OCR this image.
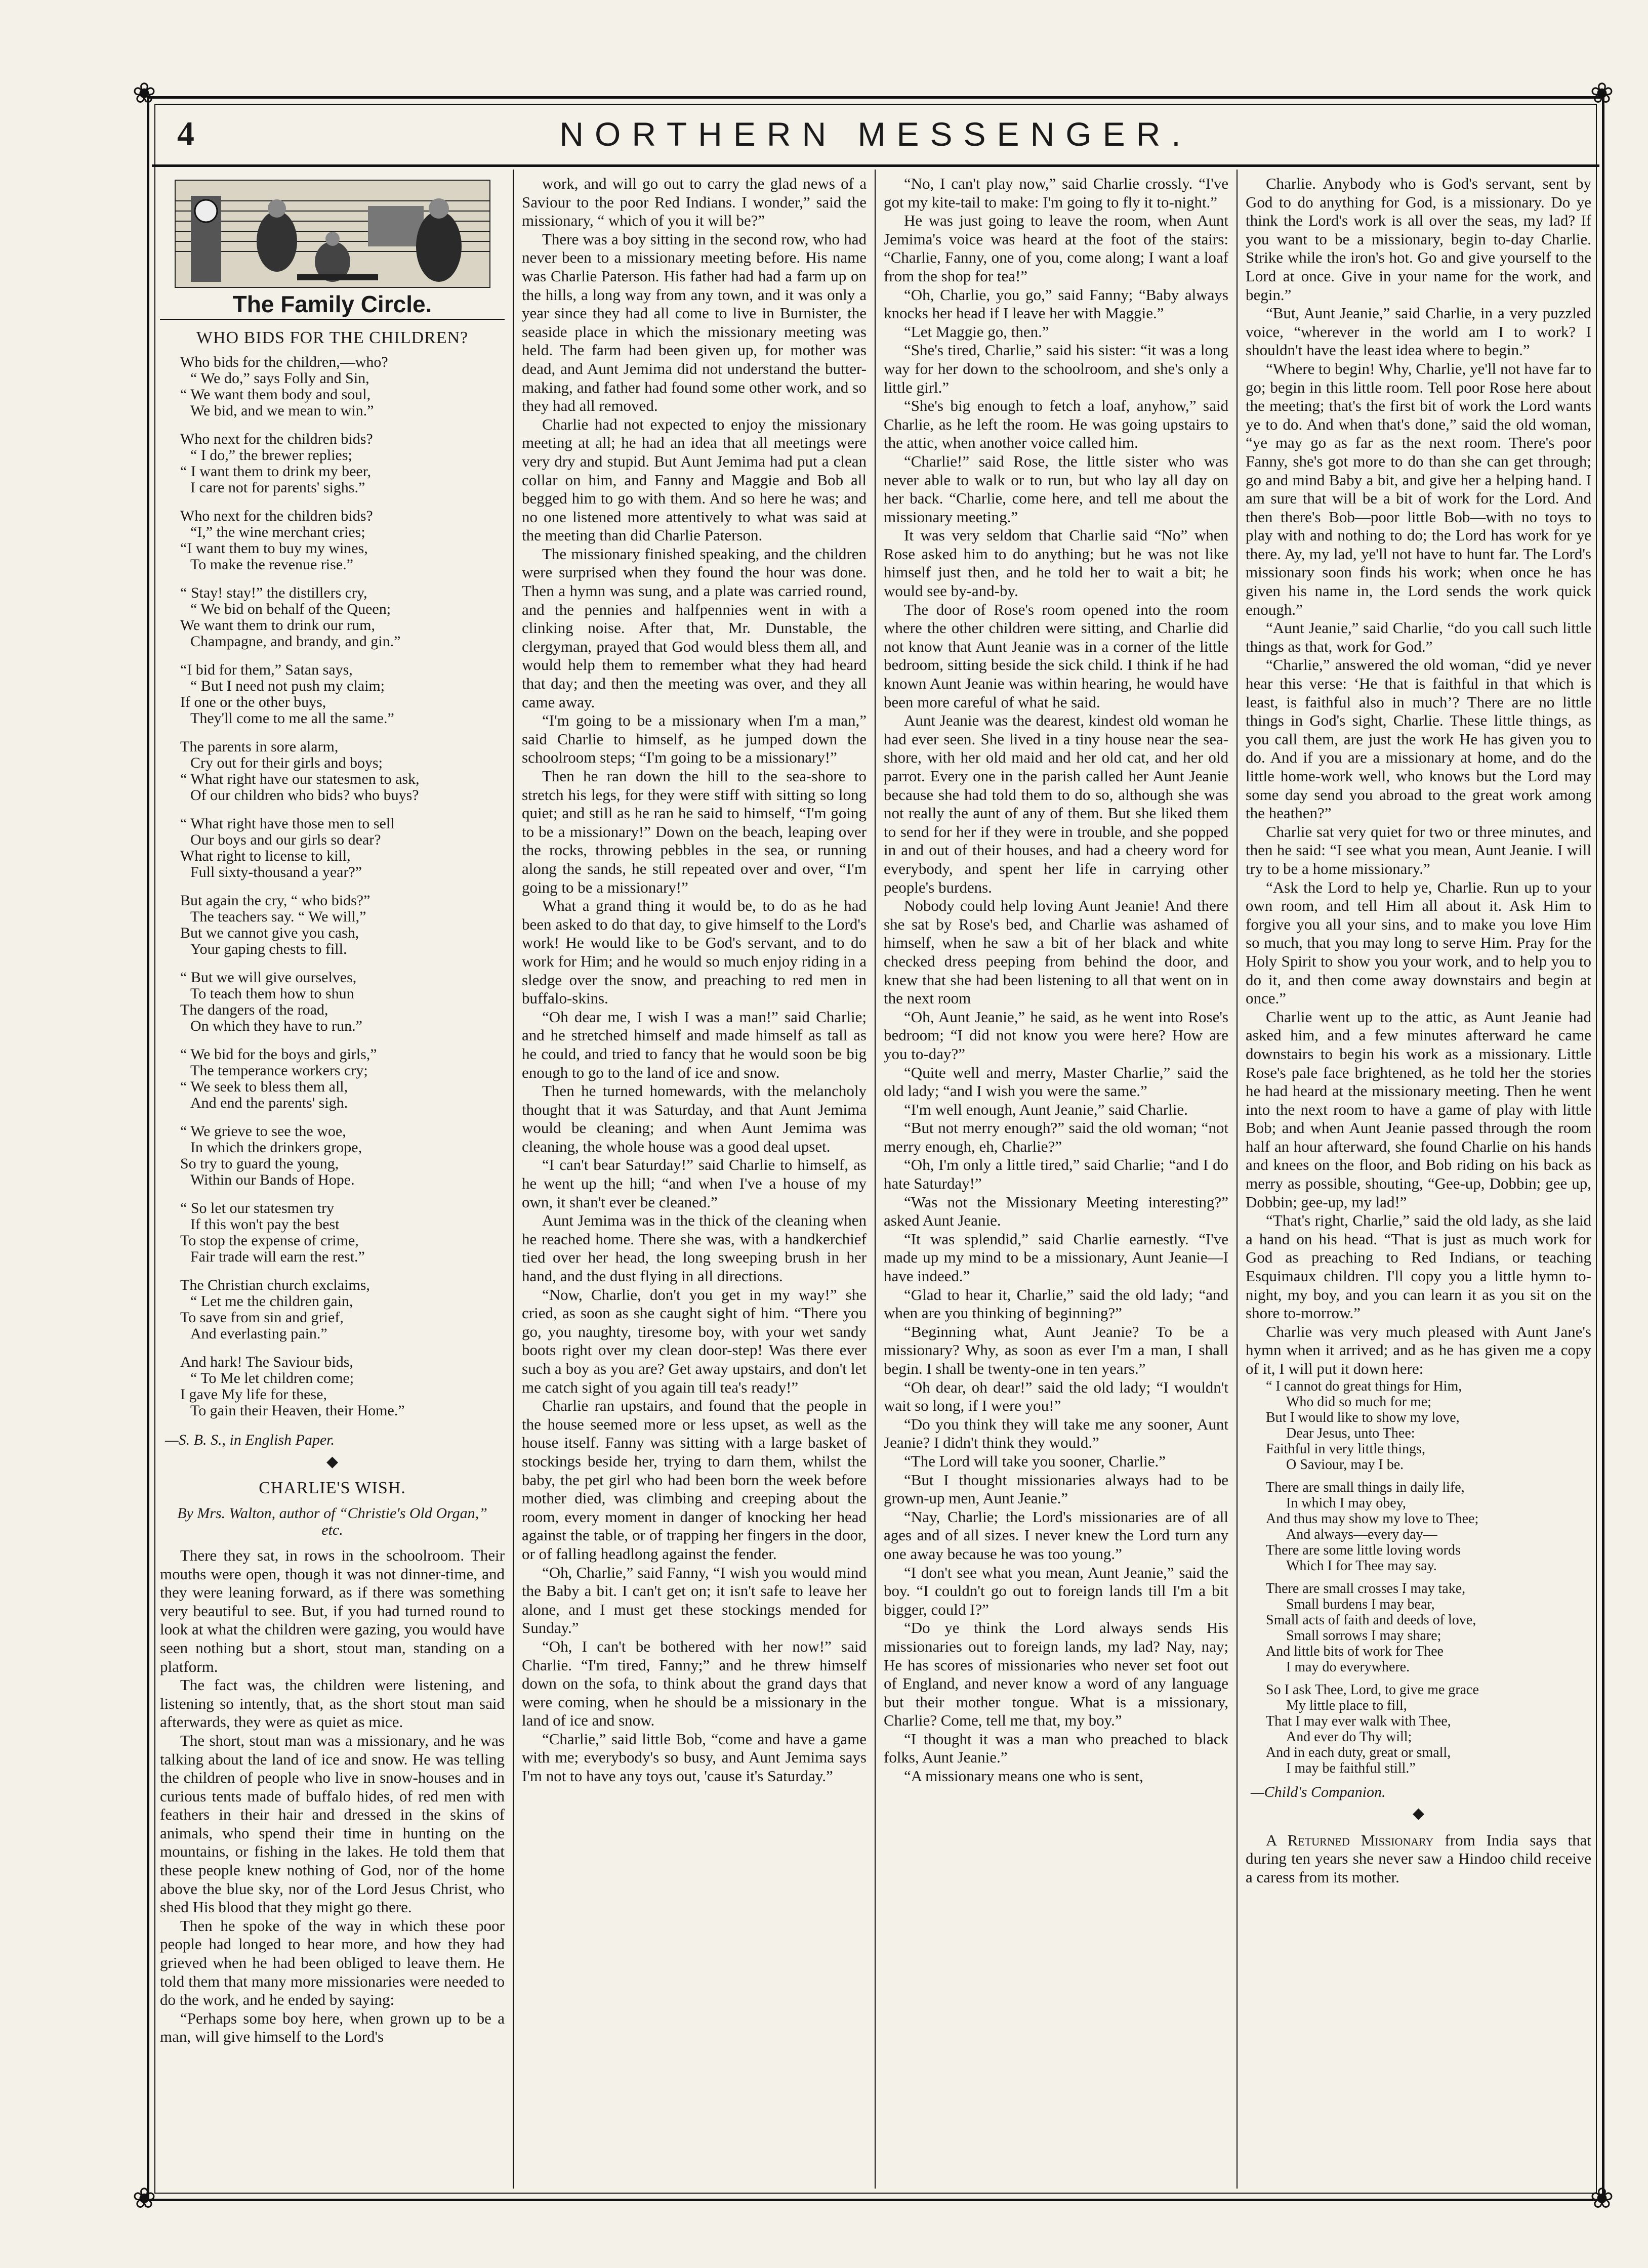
❀	❀
❀	❀
4	NORTHERN MESSENGER.
The Family Circle.
WHO BIDS FOR THE CHILDREN?
Who bids for the children,—who?
“ We do,” says Folly and Sin,
“ We want them body and soul,
We bid, and we mean to win.”
Who next for the children bids?
“ I do,” the brewer replies;
“ I want them to drink my beer,
I care not for parents' sighs.”
Who next for the children bids?
“I,” the wine merchant cries;
“I want them to buy my wines,
To make the revenue rise.”
“ Stay! stay!” the distillers cry,
“ We bid on behalf of the Queen;
We want them to drink our rum,
Champagne, and brandy, and gin.”
“I bid for them,” Satan says,
“ But I need not push my claim;
If one or the other buys,
They'll come to me all the same.”
The parents in sore alarm,
Cry out for their girls and boys;
“ What right have our statesmen to ask,
Of our children who bids? who buys?
“ What right have those men to sell
Our boys and our girls so dear?
What right to license to kill,
Full sixty-thousand a year?”
But again the cry, “ who bids?”
The teachers say. “ We will,”
But we cannot give you cash,
Your gaping chests to fill.
“ But we will give ourselves,
To teach them how to shun
The dangers of the road,
On which they have to run.”
“ We bid for the boys and girls,”
The temperance workers cry;
“ We seek to bless them all,
And end the parents' sigh.
“ We grieve to see the woe,
In which the drinkers grope,
So try to guard the young,
Within our Bands of Hope.
“ So let our statesmen try
If this won't pay the best
To stop the expense of crime,
Fair trade will earn the rest.”
The Christian church exclaims,
“ Let me the children gain,
To save from sin and grief,
And everlasting pain.”
And hark! The Saviour bids,
“ To Me let children come;
I gave My life for these,
To gain their Heaven, their Home.”
—S. B. S., in English Paper.
◆
CHARLIE'S WISH.
By Mrs. Walton, author of “Christie's Old Organ,” etc.

There they sat, in rows in the schoolroom. Their mouths were open, though it was not dinner-time, and they were leaning forward, as if there was something very beautiful to see. But, if you had turned round to look at what the children were gazing, you would have seen nothing but a short, stout man, standing on a platform.

The fact was, the children were listening, and listening so intently, that, as the short stout man said afterwards, they were as quiet as mice.

The short, stout man was a missionary, and he was talking about the land of ice and snow. He was telling the children of people who live in snow-houses and in curious tents made of buffalo hides, of red men with feathers in their hair and dressed in the skins of animals, who spend their time in hunting on the mountains, or fishing in the lakes. He told them that these people knew nothing of God, nor of the home above the blue sky, nor of the Lord Jesus Christ, who shed His blood that they might go there.

Then he spoke of the way in which these poor people had longed to hear more, and how they had grieved when he had been obliged to leave them. He told them that many more missionaries were needed to do the work, and he ended by saying:

“Perhaps some boy here, when grown up to be a man, will give himself to the Lord's

work, and will go out to carry the glad news of a Saviour to the poor Red Indians. I wonder,” said the missionary, “ which of you it will be?”

There was a boy sitting in the second row, who had never been to a missionary meeting before. His name was Charlie Paterson. His father had had a farm up on the hills, a long way from any town, and it was only a year since they had all come to live in Burnister, the seaside place in which the missionary meeting was held. The farm had been given up, for mother was dead, and Aunt Jemima did not understand the butter-making, and father had found some other work, and so they had all removed.

Charlie had not expected to enjoy the missionary meeting at all; he had an idea that all meetings were very dry and stupid. But Aunt Jemima had put a clean collar on him, and Fanny and Maggie and Bob all begged him to go with them. And so here he was; and no one listened more attentively to what was said at the meeting than did Charlie Paterson.

The missionary finished speaking, and the children were surprised when they found the hour was done. Then a hymn was sung, and a plate was carried round, and the pennies and halfpennies went in with a clinking noise. After that, Mr. Dunstable, the clergyman, prayed that God would bless them all, and would help them to remember what they had heard that day; and then the meeting was over, and they all came away.

“I'm going to be a missionary when I'm a man,” said Charlie to himself, as he jumped down the schoolroom steps; “I'm going to be a missionary!”

Then he ran down the hill to the sea-shore to stretch his legs, for they were stiff with sitting so long quiet; and still as he ran he said to himself, “I'm going to be a missionary!” Down on the beach, leaping over the rocks, throwing pebbles in the sea, or running along the sands, he still repeated over and over, “I'm going to be a missionary!”

What a grand thing it would be, to do as he had been asked to do that day, to give himself to the Lord's work! He would like to be God's servant, and to do work for Him; and he would so much enjoy riding in a sledge over the snow, and preaching to red men in buffalo-skins.

“Oh dear me, I wish I was a man!” said Charlie; and he stretched himself and made himself as tall as he could, and tried to fancy that he would soon be big enough to go to the land of ice and snow.

Then he turned homewards, with the melancholy thought that it was Saturday, and that Aunt Jemima would be cleaning; and when Aunt Jemima was cleaning, the whole house was a good deal upset.

“I can't bear Saturday!” said Charlie to himself, as he went up the hill; “and when I've a house of my own, it shan't ever be cleaned.”

Aunt Jemima was in the thick of the cleaning when he reached home. There she was, with a handkerchief tied over her head, the long sweeping brush in her hand, and the dust flying in all directions.

“Now, Charlie, don't you get in my way!” she cried, as soon as she caught sight of him. “There you go, you naughty, tiresome boy, with your wet sandy boots right over my clean door-step! Was there ever such a boy as you are? Get away upstairs, and don't let me catch sight of you again till tea's ready!”

Charlie ran upstairs, and found that the people in the house seemed more or less upset, as well as the house itself. Fanny was sitting with a large basket of stockings beside her, trying to darn them, whilst the baby, the pet girl who had been born the week before mother died, was climbing and creeping about the room, every moment in danger of knocking her head against the table, or of trapping her fingers in the door, or of falling headlong against the fender.

“Oh, Charlie,” said Fanny, “I wish you would mind the Baby a bit. I can't get on; it isn't safe to leave her alone, and I must get these stockings mended for Sunday.”

“Oh, I can't be bothered with her now!” said Charlie. “I'm tired, Fanny;” and he threw himself down on the sofa, to think about the grand days that were coming, when he should be a missionary in the land of ice and snow.

“Charlie,” said little Bob, “come and have a game with me; everybody's so busy, and Aunt Jemima says I'm not to have any toys out, 'cause it's Saturday.”

“No, I can't play now,” said Charlie crossly. “I've got my kite-tail to make: I'm going to fly it to-night.”

He was just going to leave the room, when Aunt Jemima's voice was heard at the foot of the stairs: “Charlie, Fanny, one of you, come along; I want a loaf from the shop for tea!”

“Oh, Charlie, you go,” said Fanny; “Baby always knocks her head if I leave her with Maggie.”

“Let Maggie go, then.”

“She's tired, Charlie,” said his sister: “it was a long way for her down to the schoolroom, and she's only a little girl.”

“She's big enough to fetch a loaf, anyhow,” said Charlie, as he left the room. He was going upstairs to the attic, when another voice called him.

“Charlie!” said Rose, the little sister who was never able to walk or to run, but who lay all day on her back. “Charlie, come here, and tell me about the missionary meeting.”

It was very seldom that Charlie said “No” when Rose asked him to do anything; but he was not like himself just then, and he told her to wait a bit; he would see by-and-by.

The door of Rose's room opened into the room where the other children were sitting, and Charlie did not know that Aunt Jeanie was in a corner of the little bedroom, sitting beside the sick child. I think if he had known Aunt Jeanie was within hearing, he would have been more careful of what he said.

Aunt Jeanie was the dearest, kindest old woman he had ever seen. She lived in a tiny house near the sea-shore, with her old maid and her old cat, and her old parrot. Every one in the parish called her Aunt Jeanie because she had told them to do so, although she was not really the aunt of any of them. But she liked them to send for her if they were in trouble, and she popped in and out of their houses, and had a cheery word for everybody, and spent her life in carrying other people's burdens.

Nobody could help loving Aunt Jeanie! And there she sat by Rose's bed, and Charlie was ashamed of himself, when he saw a bit of her black and white checked dress peeping from behind the door, and knew that she had been listening to all that went on in the next room

“Oh, Aunt Jeanie,” he said, as he went into Rose's bedroom; “I did not know you were here? How are you to-day?”

“Quite well and merry, Master Charlie,” said the old lady; “and I wish you were the same.”

“I'm well enough, Aunt Jeanie,” said Charlie.

“But not merry enough?” said the old woman; “not merry enough, eh, Charlie?”

“Oh, I'm only a little tired,” said Charlie; “and I do hate Saturday!”

“Was not the Missionary Meeting interesting?” asked Aunt Jeanie.

“It was splendid,” said Charlie earnestly. “I've made up my mind to be a missionary, Aunt Jeanie—I have indeed.”

“Glad to hear it, Charlie,” said the old lady; “and when are you thinking of beginning?”

“Beginning what, Aunt Jeanie? To be a missionary? Why, as soon as ever I'm a man, I shall begin. I shall be twenty-one in ten years.”

“Oh dear, oh dear!” said the old lady; “I wouldn't wait so long, if I were you!”

“Do you think they will take me any sooner, Aunt Jeanie? I didn't think they would.”

“The Lord will take you sooner, Charlie.”

“But I thought missionaries always had to be grown-up men, Aunt Jeanie.”

“Nay, Charlie; the Lord's missionaries are of all ages and of all sizes. I never knew the Lord turn any one away because he was too young.”

“I don't see what you mean, Aunt Jeanie,” said the boy. “I couldn't go out to foreign lands till I'm a bit bigger, could I?”

“Do ye think the Lord always sends His missionaries out to foreign lands, my lad? Nay, nay; He has scores of missionaries who never set foot out of England, and never know a word of any language but their mother tongue. What is a missionary, Charlie? Come, tell me that, my boy.”

“I thought it was a man who preached to black folks, Aunt Jeanie.”

“A missionary means one who is sent,

Charlie. Anybody who is God's servant, sent by God to do anything for God, is a missionary. Do ye think the Lord's work is all over the seas, my lad? If you want to be a missionary, begin to-day Charlie. Strike while the iron's hot. Go and give yourself to the Lord at once. Give in your name for the work, and begin.”

“But, Aunt Jeanie,” said Charlie, in a very puzzled voice, “wherever in the world am I to work? I shouldn't have the least idea where to begin.”

“Where to begin! Why, Charlie, ye'll not have far to go; begin in this little room. Tell poor Rose here about the meeting; that's the first bit of work the Lord wants ye to do. And when that's done,” said the old woman, “ye may go as far as the next room. There's poor Fanny, she's got more to do than she can get through; go and mind Baby a bit, and give her a helping hand. I am sure that will be a bit of work for the Lord. And then there's Bob—poor little Bob—with no toys to play with and nothing to do; the Lord has work for ye there. Ay, my lad, ye'll not have to hunt far. The Lord's missionary soon finds his work; when once he has given his name in, the Lord sends the work quick enough.”

“Aunt Jeanie,” said Charlie, “do you call such little things as that, work for God.”

“Charlie,” answered the old woman, “did ye never hear this verse: ‘He that is faithful in that which is least, is faithful also in much’? There are no little things in God's sight, Charlie. These little things, as you call them, are just the work He has given you to do. And if you are a missionary at home, and do the little home-work well, who knows but the Lord may some day send you abroad to the great work among the heathen?”

Charlie sat very quiet for two or three minutes, and then he said: “I see what you mean, Aunt Jeanie. I will try to be a home missionary.”

“Ask the Lord to help ye, Charlie. Run up to your own room, and tell Him all about it. Ask Him to forgive you all your sins, and to make you love Him so much, that you may long to serve Him. Pray for the Holy Spirit to show you your work, and to help you to do it, and then come away downstairs and begin at once.”

Charlie went up to the attic, as Aunt Jeanie had asked him, and a few minutes afterward he came downstairs to begin his work as a missionary. Little Rose's pale face brightened, as he told her the stories he had heard at the missionary meeting. Then he went into the next room to have a game of play with little Bob; and when Aunt Jeanie passed through the room half an hour afterward, she found Charlie on his hands and knees on the floor, and Bob riding on his back as merry as possible, shouting, “Gee-up, Dobbin; gee up, Dobbin; gee-up, my lad!”

“That's right, Charlie,” said the old lady, as she laid a hand on his head. “That is just as much work for God as preaching to Red Indians, or teaching Esquimaux children. I'll copy you a little hymn to-night, my boy, and you can learn it as you sit on the shore to-morrow.”

Charlie was very much pleased with Aunt Jane's hymn when it arrived; and as he has given me a copy of it, I will put it down here:

“ I cannot do great things for Him,
Who did so much for me;
But I would like to show my love,
Dear Jesus, unto Thee:
Faithful in very little things,
O Saviour, may I be.
There are small things in daily life,
In which I may obey,
And thus may show my love to Thee;
And always—every day—
There are some little loving words
Which I for Thee may say.
There are small crosses I may take,
Small burdens I may bear,
Small acts of faith and deeds of love,
Small sorrows I may share;
And little bits of work for Thee
I may do everywhere.
So I ask Thee, Lord, to give me grace
My little place to fill,
That I may ever walk with Thee,
And ever do Thy will;
And in each duty, great or small,
I may be faithful still.”
—Child's Companion.
◆

A Returned Missionary from India says that during ten years she never saw a Hindoo child receive a caress from its mother.
